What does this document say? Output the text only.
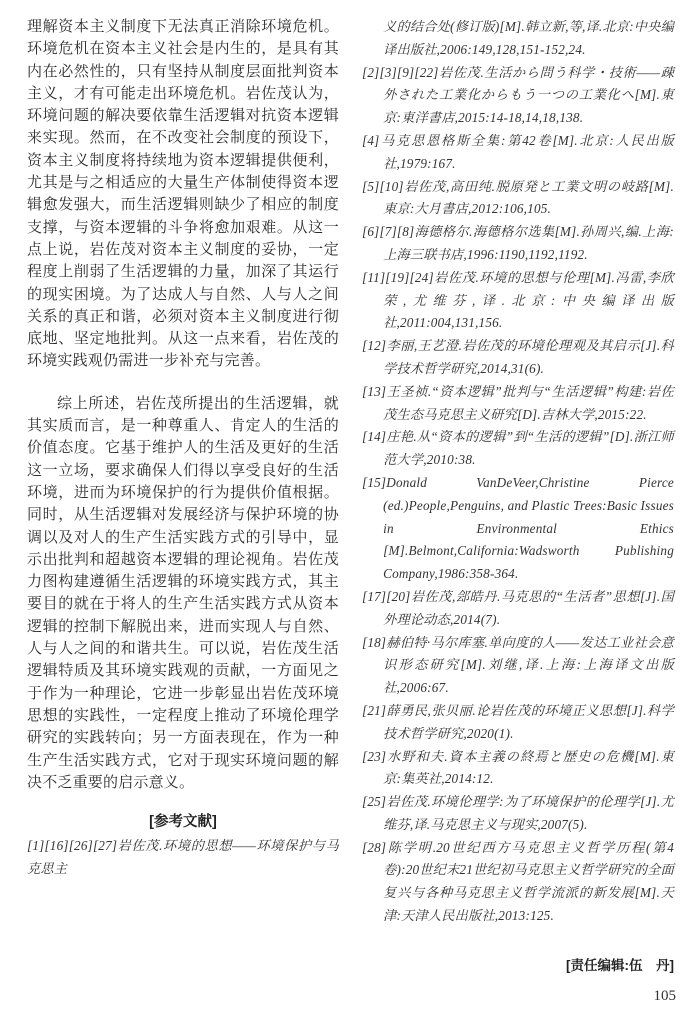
理解资本主义制度下无法真正消除环境危机。环境危机在资本主义社会是内生的，是具有其内在必然性的，只有坚持从制度层面批判资本主义，才有可能走出环境危机。岩佐茂认为，环境问题的解决要依靠生活逻辑对抗资本逻辑来实现。然而，在不改变社会制度的预设下，资本主义制度将持续地为资本逻辑提供便利，尤其是与之相适应的大量生产体制使得资本逻辑愈发强大，而生活逻辑则缺少了相应的制度支撑，与资本逻辑的斗争将愈加艰难。从这一点上说，岩佐茂对资本主义制度的妥协，一定程度上削弱了生活逻辑的力量，加深了其运行的现实困境。为了达成人与自然、人与人之间关系的真正和谐，必须对资本主义制度进行彻底地、坚定地批判。从这一点来看，岩佐茂的环境实践观仍需进一步补充与完善。

综上所述，岩佐茂所提出的生活逻辑，就其实质而言，是一种尊重人、肯定人的生活的价值态度。它基于维护人的生活及更好的生活这一立场，要求确保人们得以享受良好的生活环境，进而为环境保护的行为提供价值根据。同时，从生活逻辑对发展经济与保护环境的协调以及对人的生产生活实践方式的引导中，显示出批判和超越资本逻辑的理论视角。岩佐茂力图构建遵循生活逻辑的环境实践方式，其主要目的就在于将人的生产生活实践方式从资本逻辑的控制下解脱出来，进而实现人与自然、人与人之间的和谐共生。可以说，岩佐茂生活逻辑特质及其环境实践观的贡献，一方面见之于作为一种理论，它进一步彰显出岩佐茂环境思想的实践性，一定程度上推动了环境伦理学研究的实践转向；另一方面表现在，作为一种生产生活实践方式，它对于现实环境问题的解决不乏重要的启示意义。

[参考文献]

[1][16][26][27]岩佐茂.环境的思想——环境保护与马克思主

义的结合处(修订版)[M].韩立新,等,译.北京:中央编译出版社,2006:149,128,151-152,24.

[2][3][9][22]岩佐茂.生活から問う科学・技術——疎外された工業化からもう一つの工業化へ[M].東京:東洋書店,2015:14-18,14,18,138.
[4]马克思恩格斯全集:第42卷[M].北京:人民出版社,1979:167.
[5][10]岩佐茂,高田纯.脱原発と工業文明の岐路[M].東京:大月書店,2012:106,105.
[6][7][8]海德格尔.海德格尔选集[M].孙周兴,编.上海:上海三联书店,1996:1190,1192,1192.
[11][19][24]岩佐茂.环境的思想与伦理[M].冯雷,李欣荣,尤维芬,译.北京:中央编译出版社,2011:004,131,156.
[12]李丽,王艺澄.岩佐茂的环境伦理观及其启示[J].科学技术哲学研究,2014,31(6).
[13]王圣祯.“资本逻辑”批判与“生活逻辑”构建:岩佐茂生态马克思主义研究[D].吉林大学,2015:22.
[14]庄艳.从“资本的逻辑”到“生活的逻辑”[D].浙江师范大学,2010:38.
[15]Donald VanDeVeer,Christine Pierce (ed.)People,Penguins, and Plastic Trees:Basic Issues in Environmental Ethics [M].Belmont,California:Wadsworth Publishing Company,1986:358-364.
[17][20]岩佐茂,郐皓丹.马克思的“生活者”思想[J].国外理论动态,2014(7).
[18]赫伯特·马尔库塞.单向度的人——发达工业社会意识形态研究[M].刘继,译.上海:上海译文出版社,2006:67.
[21]薛勇民,张贝丽.论岩佐茂的环境正义思想[J].科学技术哲学研究,2020(1).
[23]水野和夫.資本主義の終焉と歴史の危機[M].東京:集英社,2014:12.
[25]岩佐茂.环境伦理学:为了环境保护的伦理学[J].尤维芬,译.马克思主义与现实,2007(5).
[28]陈学明.20世纪西方马克思主义哲学历程(第4卷):20世纪末21世纪初马克思主义哲学研究的全面复兴与各种马克思主义哲学流派的新发展[M].天津:天津人民出版社,2013:125.
[责任编辑:伍　丹]
105
